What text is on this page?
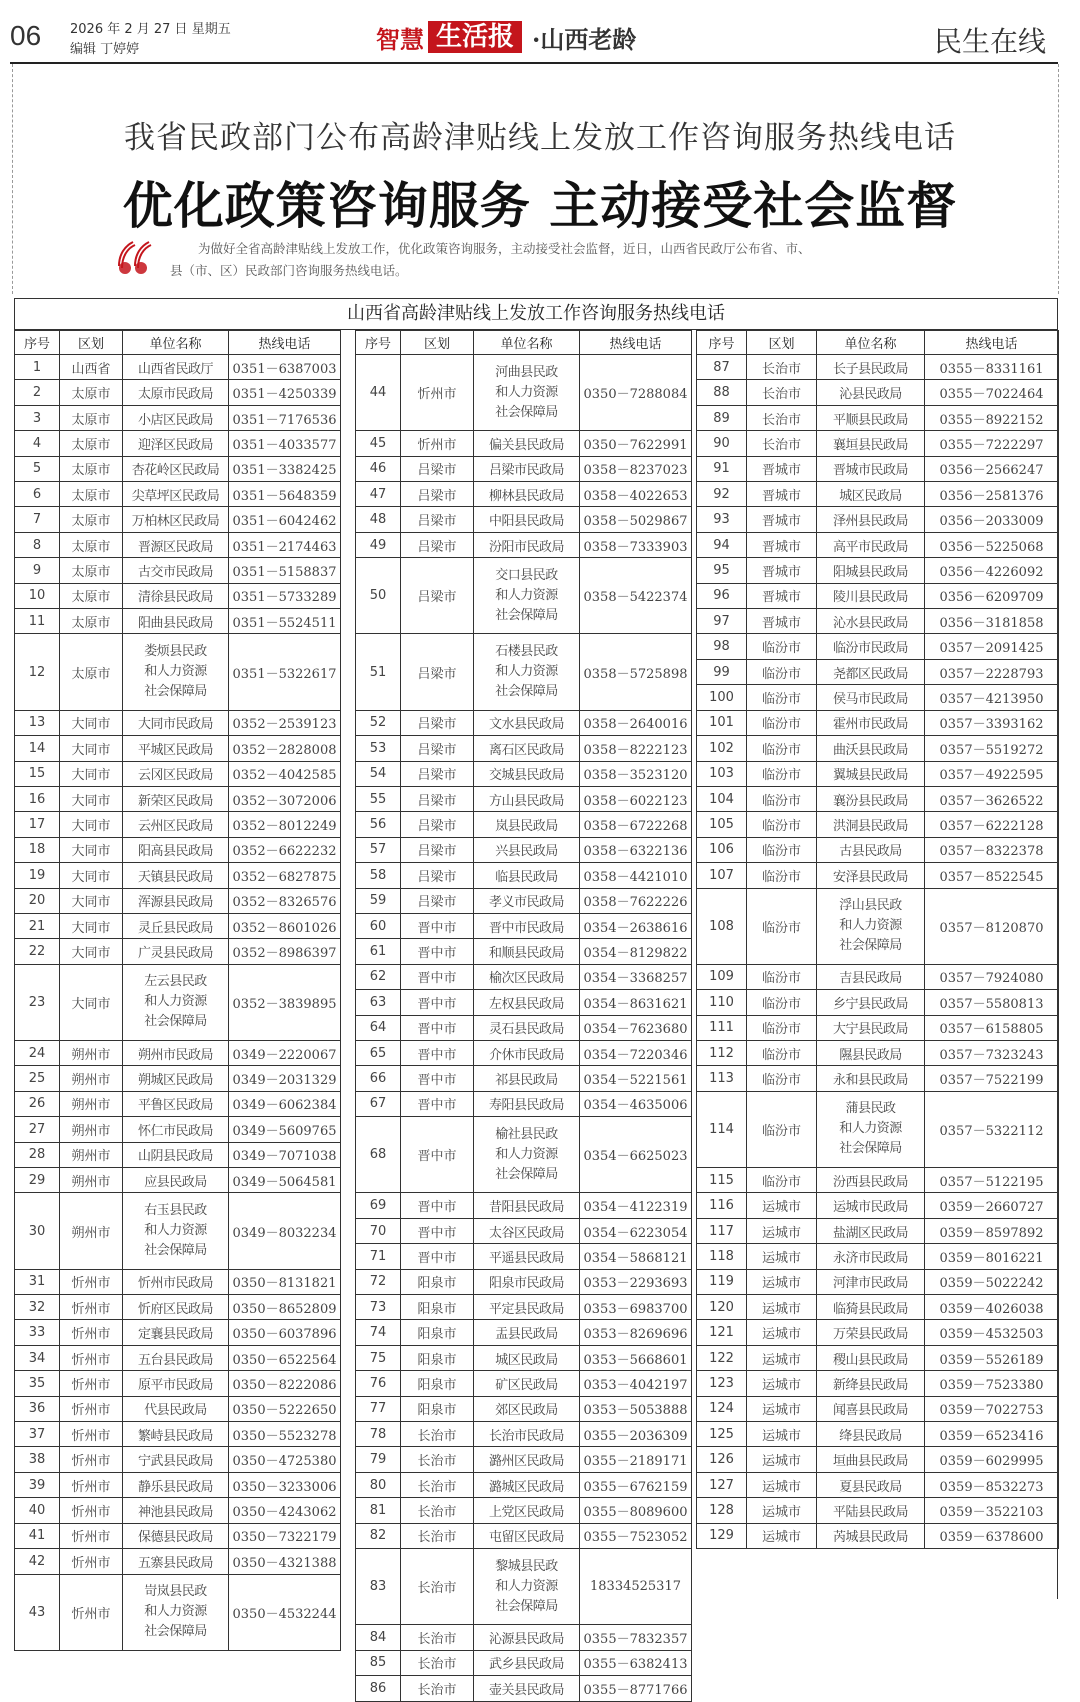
06 2026 年 2 月 27 日 星期五
编辑 丁婷婷	智慧 生活报 ·山西老龄	民生在线
我省民政部门公布高龄津贴线上发放工作咨询服务热线电话
优化政策咨询服务 主动接受社会监督
为做好全省高龄津贴线上发放工作，优化政策咨询服务，主动接受社会监督，近日，山西省民政厅公布省、市、
县（市、区）民政部门咨询服务热线电话。
山西省高龄津贴线上发放工作咨询服务热线电话
序号	区划	单位名称	热线电话
1	山西省	山西省民政厅	0351－6387003
2	太原市	太原市民政局	0351－4250339
3	太原市	小店区民政局	0351－7176536
4	太原市	迎泽区民政局	0351－4033577
5	太原市	杏花岭区民政局	0351－3382425
6	太原市	尖草坪区民政局	0351－5648359
7	太原市	万柏林区民政局	0351－6042462
8	太原市	晋源区民政局	0351－2174463
9	太原市	古交市民政局	0351－5158837
10	太原市	清徐县民政局	0351－5733289
11	太原市	阳曲县民政局	0351－5524511
12	太原市	娄烦县民政
和人力资源
社会保障局	0351－5322617
13	大同市	大同市民政局	0352－2539123
14	大同市	平城区民政局	0352－2828008
15	大同市	云冈区民政局	0352－4042585
16	大同市	新荣区民政局	0352－3072006
17	大同市	云州区民政局	0352－8012249
18	大同市	阳高县民政局	0352－6622232
19	大同市	天镇县民政局	0352－6827875
20	大同市	浑源县民政局	0352－8326576
21	大同市	灵丘县民政局	0352－8601026
22	大同市	广灵县民政局	0352－8986397
23	大同市	左云县民政
和人力资源
社会保障局	0352－3839895
24	朔州市	朔州市民政局	0349－2220067
25	朔州市	朔城区民政局	0349－2031329
26	朔州市	平鲁区民政局	0349－6062384
27	朔州市	怀仁市民政局	0349－5609765
28	朔州市	山阴县民政局	0349－7071038
29	朔州市	应县民政局	0349－5064581
30	朔州市	右玉县民政
和人力资源
社会保障局	0349－8032234
31	忻州市	忻州市民政局	0350－8131821
32	忻州市	忻府区民政局	0350－8652809
33	忻州市	定襄县民政局	0350－6037896
34	忻州市	五台县民政局	0350－6522564
35	忻州市	原平市民政局	0350－8222086
36	忻州市	代县民政局	0350－5222650
37	忻州市	繁峙县民政局	0350－5523278
38	忻州市	宁武县民政局	0350－4725380
39	忻州市	静乐县民政局	0350－3233006
40	忻州市	神池县民政局	0350－4243062
41	忻州市	保德县民政局	0350－7322179
42	忻州市	五寨县民政局	0350－4321388
43	忻州市	岢岚县民政
和人力资源
社会保障局	0350－4532244
序号	区划	单位名称	热线电话
44	忻州市	河曲县民政
和人力资源
社会保障局	0350－7288084
45	忻州市	偏关县民政局	0350－7622991
46	吕梁市	吕梁市民政局	0358－8237023
47	吕梁市	柳林县民政局	0358－4022653
48	吕梁市	中阳县民政局	0358－5029867
49	吕梁市	汾阳市民政局	0358－7333903
50	吕梁市	交口县民政
和人力资源
社会保障局	0358－5422374
51	吕梁市	石楼县民政
和人力资源
社会保障局	0358－5725898
52	吕梁市	文水县民政局	0358－2640016
53	吕梁市	离石区民政局	0358－8222123
54	吕梁市	交城县民政局	0358－3523120
55	吕梁市	方山县民政局	0358－6022123
56	吕梁市	岚县民政局	0358－6722268
57	吕梁市	兴县民政局	0358－6322136
58	吕梁市	临县民政局	0358－4421010
59	吕梁市	孝义市民政局	0358－7622226
60	晋中市	晋中市民政局	0354－2638616
61	晋中市	和顺县民政局	0354－8129822
62	晋中市	榆次区民政局	0354－3368257
63	晋中市	左权县民政局	0354－8631621
64	晋中市	灵石县民政局	0354－7623680
65	晋中市	介休市民政局	0354－7220346
66	晋中市	祁县民政局	0354－5221561
67	晋中市	寿阳县民政局	0354－4635006
68	晋中市	榆社县民政
和人力资源
社会保障局	0354－6625023
69	晋中市	昔阳县民政局	0354－4122319
70	晋中市	太谷区民政局	0354－6223054
71	晋中市	平遥县民政局	0354－5868121
72	阳泉市	阳泉市民政局	0353－2293693
73	阳泉市	平定县民政局	0353－6983700
74	阳泉市	盂县民政局	0353－8269696
75	阳泉市	城区民政局	0353－5668601
76	阳泉市	矿区民政局	0353－4042197
77	阳泉市	郊区民政局	0353－5053888
78	长治市	长治市民政局	0355－2036309
79	长治市	潞州区民政局	0355－2189171
80	长治市	潞城区民政局	0355－6762159
81	长治市	上党区民政局	0355－8089600
82	长治市	屯留区民政局	0355－7523052
83	长治市	黎城县民政
和人力资源
社会保障局	18334525317
84	长治市	沁源县民政局	0355－7832357
85	长治市	武乡县民政局	0355－6382413
86	长治市	壶关县民政局	0355－8771766
序号	区划	单位名称	热线电话
87	长治市	长子县民政局	0355－8331161
88	长治市	沁县民政局	0355－7022464
89	长治市	平顺县民政局	0355－8922152
90	长治市	襄垣县民政局	0355－7222297
91	晋城市	晋城市民政局	0356－2566247
92	晋城市	城区民政局	0356－2581376
93	晋城市	泽州县民政局	0356－2033009
94	晋城市	高平市民政局	0356－5225068
95	晋城市	阳城县民政局	0356－4226092
96	晋城市	陵川县民政局	0356－6209709
97	晋城市	沁水县民政局	0356－3181858
98	临汾市	临汾市民政局	0357－2091425
99	临汾市	尧都区民政局	0357－2228793
100	临汾市	侯马市民政局	0357－4213950
101	临汾市	霍州市民政局	0357－3393162
102	临汾市	曲沃县民政局	0357－5519272
103	临汾市	翼城县民政局	0357－4922595
104	临汾市	襄汾县民政局	0357－3626522
105	临汾市	洪洞县民政局	0357－6222128
106	临汾市	古县民政局	0357－8322378
107	临汾市	安泽县民政局	0357－8522545
108	临汾市	浮山县民政
和人力资源
社会保障局	0357－8120870
109	临汾市	吉县民政局	0357－7924080
110	临汾市	乡宁县民政局	0357－5580813
111	临汾市	大宁县民政局	0357－6158805
112	临汾市	隰县民政局	0357－7323243
113	临汾市	永和县民政局	0357－7522199
114	临汾市	蒲县民政
和人力资源
社会保障局	0357－5322112
115	临汾市	汾西县民政局	0357－5122195
116	运城市	运城市民政局	0359－2660727
117	运城市	盐湖区民政局	0359－8597892
118	运城市	永济市民政局	0359－8016221
119	运城市	河津市民政局	0359－5022242
120	运城市	临猗县民政局	0359－4026038
121	运城市	万荣县民政局	0359－4532503
122	运城市	稷山县民政局	0359－5526189
123	运城市	新绛县民政局	0359－7523380
124	运城市	闻喜县民政局	0359－7022753
125	运城市	绛县民政局	0359－6523416
126	运城市	垣曲县民政局	0359－6029995
127	运城市	夏县民政局	0359－8532273
128	运城市	平陆县民政局	0359－3522103
129	运城市	芮城县民政局	0359－6378600
